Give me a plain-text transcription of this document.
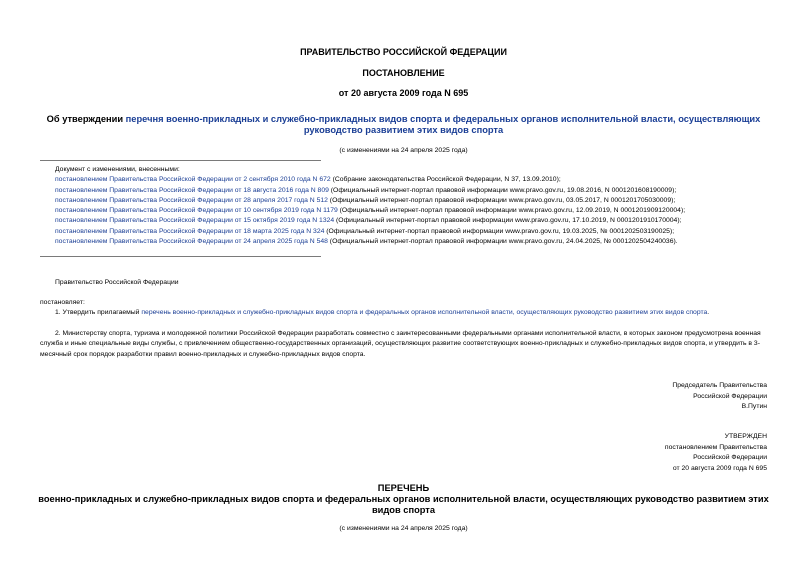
ПРАВИТЕЛЬСТВО РОССИЙСКОЙ ФЕДЕРАЦИИ
ПОСТАНОВЛЕНИЕ
от 20 августа 2009 года N 695
Об утверждении перечня военно-прикладных и служебно-прикладных видов спорта и федеральных органов исполнительной власти, осуществляющих руководство развитием этих видов спорта
(с изменениями на 24 апреля 2025 года)
Документ с изменениями, внесенными:
постановлением Правительства Российской Федерации от 2 сентября 2010 года N 672 (Собрание законодательства Российской Федерации, N 37, 13.09.2010);
постановлением Правительства Российской Федерации от 18 августа 2016 года N 809 (Официальный интернет-портал правовой информации www.pravo.gov.ru, 19.08.2016, N 0001201608190009);
постановлением Правительства Российской Федерации от 28 апреля 2017 года N 512 (Официальный интернет-портал правовой информации www.pravo.gov.ru, 03.05.2017, N 0001201705030009);
постановлением Правительства Российской Федерации от 10 сентября 2019 года N 1179 (Официальный интернет-портал правовой информации www.pravo.gov.ru, 12.09.2019, N 0001201909120004);
постановлением Правительства Российской Федерации от 15 октября 2019 года N 1324 (Официальный интернет-портал правовой информации www.pravo.gov.ru, 17.10.2019, N 0001201910170004);
постановлением Правительства Российской Федерации от 18 марта 2025 года N 324 (Официальный интернет-портал правовой информации www.pravo.gov.ru, 19.03.2025, № 0001202503190025);
постановлением Правительства Российской Федерации от 24 апреля 2025 года N 548 (Официальный интернет-портал правовой информации www.pravo.gov.ru, 24.04.2025, № 0001202504240036).
Правительство Российской Федерации
постановляет:
1. Утвердить прилагаемый перечень военно-прикладных и служебно-прикладных видов спорта и федеральных органов исполнительной власти, осуществляющих руководство развитием этих видов спорта.
2. Министерству спорта, туризма и молодежной политики Российской Федерации разработать совместно с заинтересованными федеральными органами исполнительной власти, в которых законом предусмотрена военная служба и иные специальные виды службы, с привлечением общественно-государственных организаций, осуществляющих развитие соответствующих военно-прикладных и служебно-прикладных видов спорта, и утвердить в 3-месячный срок порядок разработки правил военно-прикладных и служебно-прикладных видов спорта.
Председатель Правительства
Российской Федерации
В.Путин
УТВЕРЖДЕН
постановлением Правительства
Российской Федерации
от 20 августа 2009 года N 695
ПЕРЕЧЕНЬ
военно-прикладных и служебно-прикладных видов спорта и федеральных органов исполнительной власти, осуществляющих руководство развитием этих видов спорта
(с изменениями на 24 апреля 2025 года)
